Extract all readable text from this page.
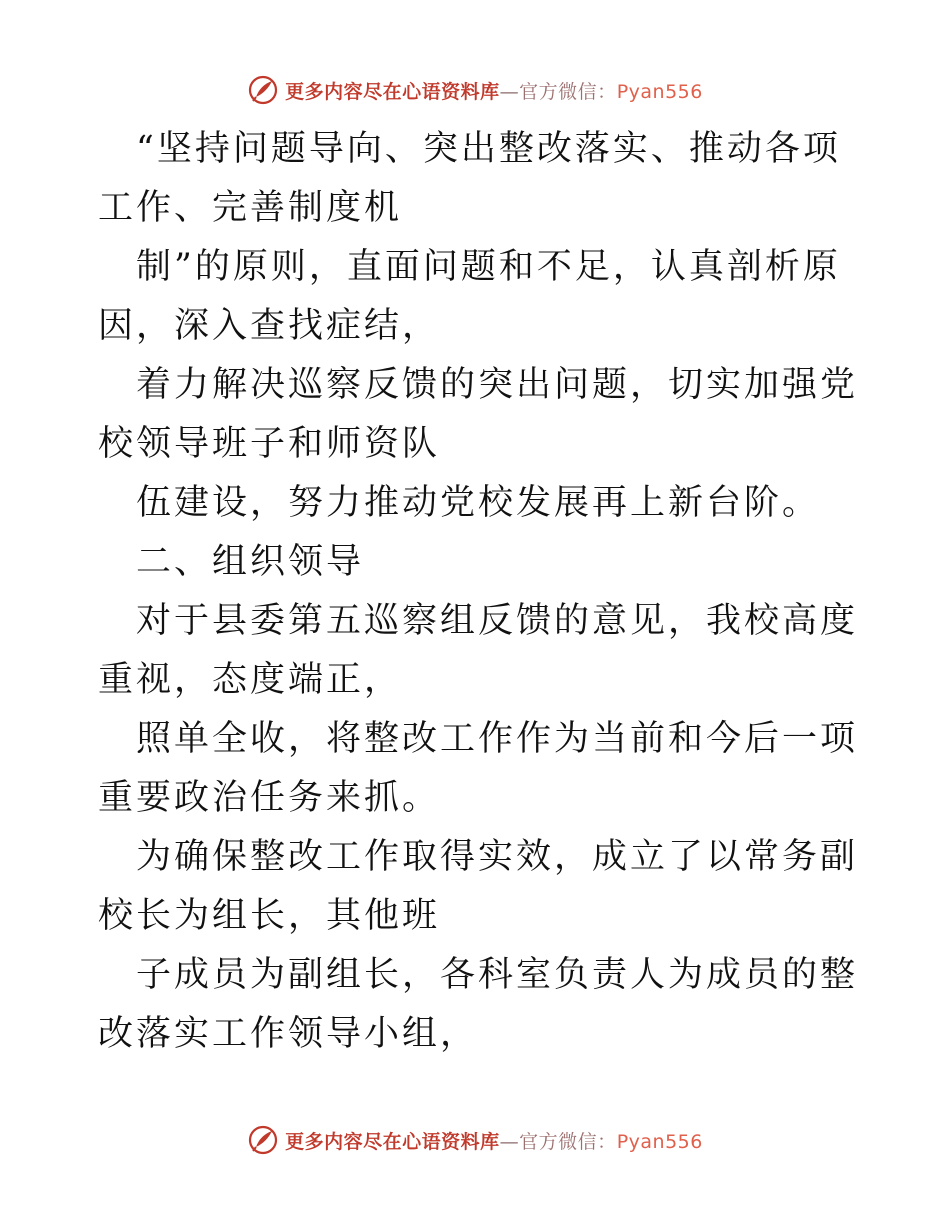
更多内容尽在心语资料库—官方微信：Pyan556

“坚持问题导向、突出整改落实、推动各项工作、完善制度机

制”的原则，直面问题和不足，认真剖析原因，深入查找症结，

着力解决巡察反馈的突出问题，切实加强党校领导班子和师资队

伍建设，努力推动党校发展再上新台阶。

二、组织领导

对于县委第五巡察组反馈的意见，我校高度重视，态度端正，

照单全收，将整改工作作为当前和今后一项重要政治任务来抓。

为确保整改工作取得实效，成立了以常务副校长为组长，其他班

子成员为副组长，各科室负责人为成员的整改落实工作领导小组，

更多内容尽在心语资料库—官方微信：Pyan556
